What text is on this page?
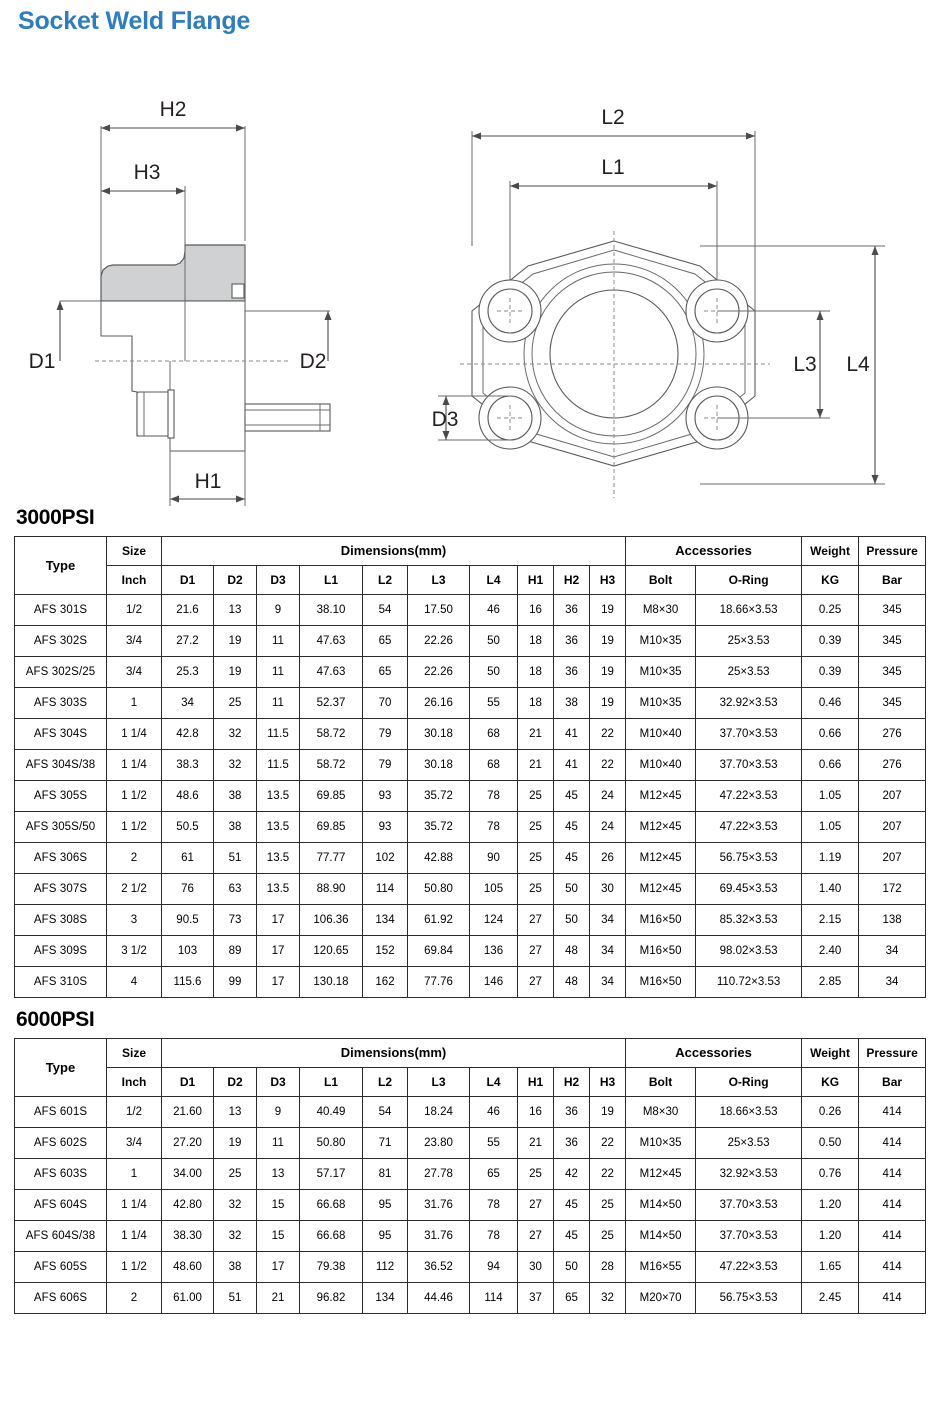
Socket Weld Flange
H2
H3
D1	D2
H1
L2
L1
L3 L4
D3
3000PSI
Type	Size	Dimensions(mm)										Accessories		Weight	Pressure
	Inch	D1	D2	D3	L1	L2	L3	L4	H1	H2	H3	Bolt	O-Ring	KG	Bar
AFS 301S	1/2	21.6	13	9	38.10	54	17.50	46	16	36	19	M8×30	18.66×3.53	0.25	345
AFS 302S	3/4	27.2	19	11	47.63	65	22.26	50	18	36	19	M10×35	25×3.53	0.39	345
AFS 302S/25	3/4	25.3	19	11	47.63	65	22.26	50	18	36	19	M10×35	25×3.53	0.39	345
AFS 303S	1	34	25	11	52.37	70	26.16	55	18	38	19	M10×35	32.92×3.53	0.46	345
AFS 304S	1 1/4	42.8	32	11.5	58.72	79	30.18	68	21	41	22	M10×40	37.70×3.53	0.66	276
AFS 304S/38	1 1/4	38.3	32	11.5	58.72	79	30.18	68	21	41	22	M10×40	37.70×3.53	0.66	276
AFS 305S	1 1/2	48.6	38	13.5	69.85	93	35.72	78	25	45	24	M12×45	47.22×3.53	1.05	207
AFS 305S/50	1 1/2	50.5	38	13.5	69.85	93	35.72	78	25	45	24	M12×45	47.22×3.53	1.05	207
AFS 306S	2	61	51	13.5	77.77	102	42.88	90	25	45	26	M12×45	56.75×3.53	1.19	207
AFS 307S	2 1/2	76	63	13.5	88.90	114	50.80	105	25	50	30	M12×45	69.45×3.53	1.40	172
AFS 308S	3	90.5	73	17	106.36	134	61.92	124	27	50	34	M16×50	85.32×3.53	2.15	138
AFS 309S	3 1/2	103	89	17	120.65	152	69.84	136	27	48	34	M16×50	98.02×3.53	2.40	34
AFS 310S	4	115.6	99	17	130.18	162	77.76	146	27	48	34	M16×50	110.72×3.53	2.85	34
6000PSI
Type	Size	Dimensions(mm)										Accessories		Weight	Pressure
	Inch	D1	D2	D3	L1	L2	L3	L4	H1	H2	H3	Bolt	O-Ring	KG	Bar
AFS 601S	1/2	21.60	13	9	40.49	54	18.24	46	16	36	19	M8×30	18.66×3.53	0.26	414
AFS 602S	3/4	27.20	19	11	50.80	71	23.80	55	21	36	22	M10×35	25×3.53	0.50	414
AFS 603S	1	34.00	25	13	57.17	81	27.78	65	25	42	22	M12×45	32.92×3.53	0.76	414
AFS 604S	1 1/4	42.80	32	15	66.68	95	31.76	78	27	45	25	M14×50	37.70×3.53	1.20	414
AFS 604S/38	1 1/4	38.30	32	15	66.68	95	31.76	78	27	45	25	M14×50	37.70×3.53	1.20	414
AFS 605S	1 1/2	48.60	38	17	79.38	112	36.52	94	30	50	28	M16×55	47.22×3.53	1.65	414
AFS 606S	2	61.00	51	21	96.82	134	44.46	114	37	65	32	M20×70	56.75×3.53	2.45	414
